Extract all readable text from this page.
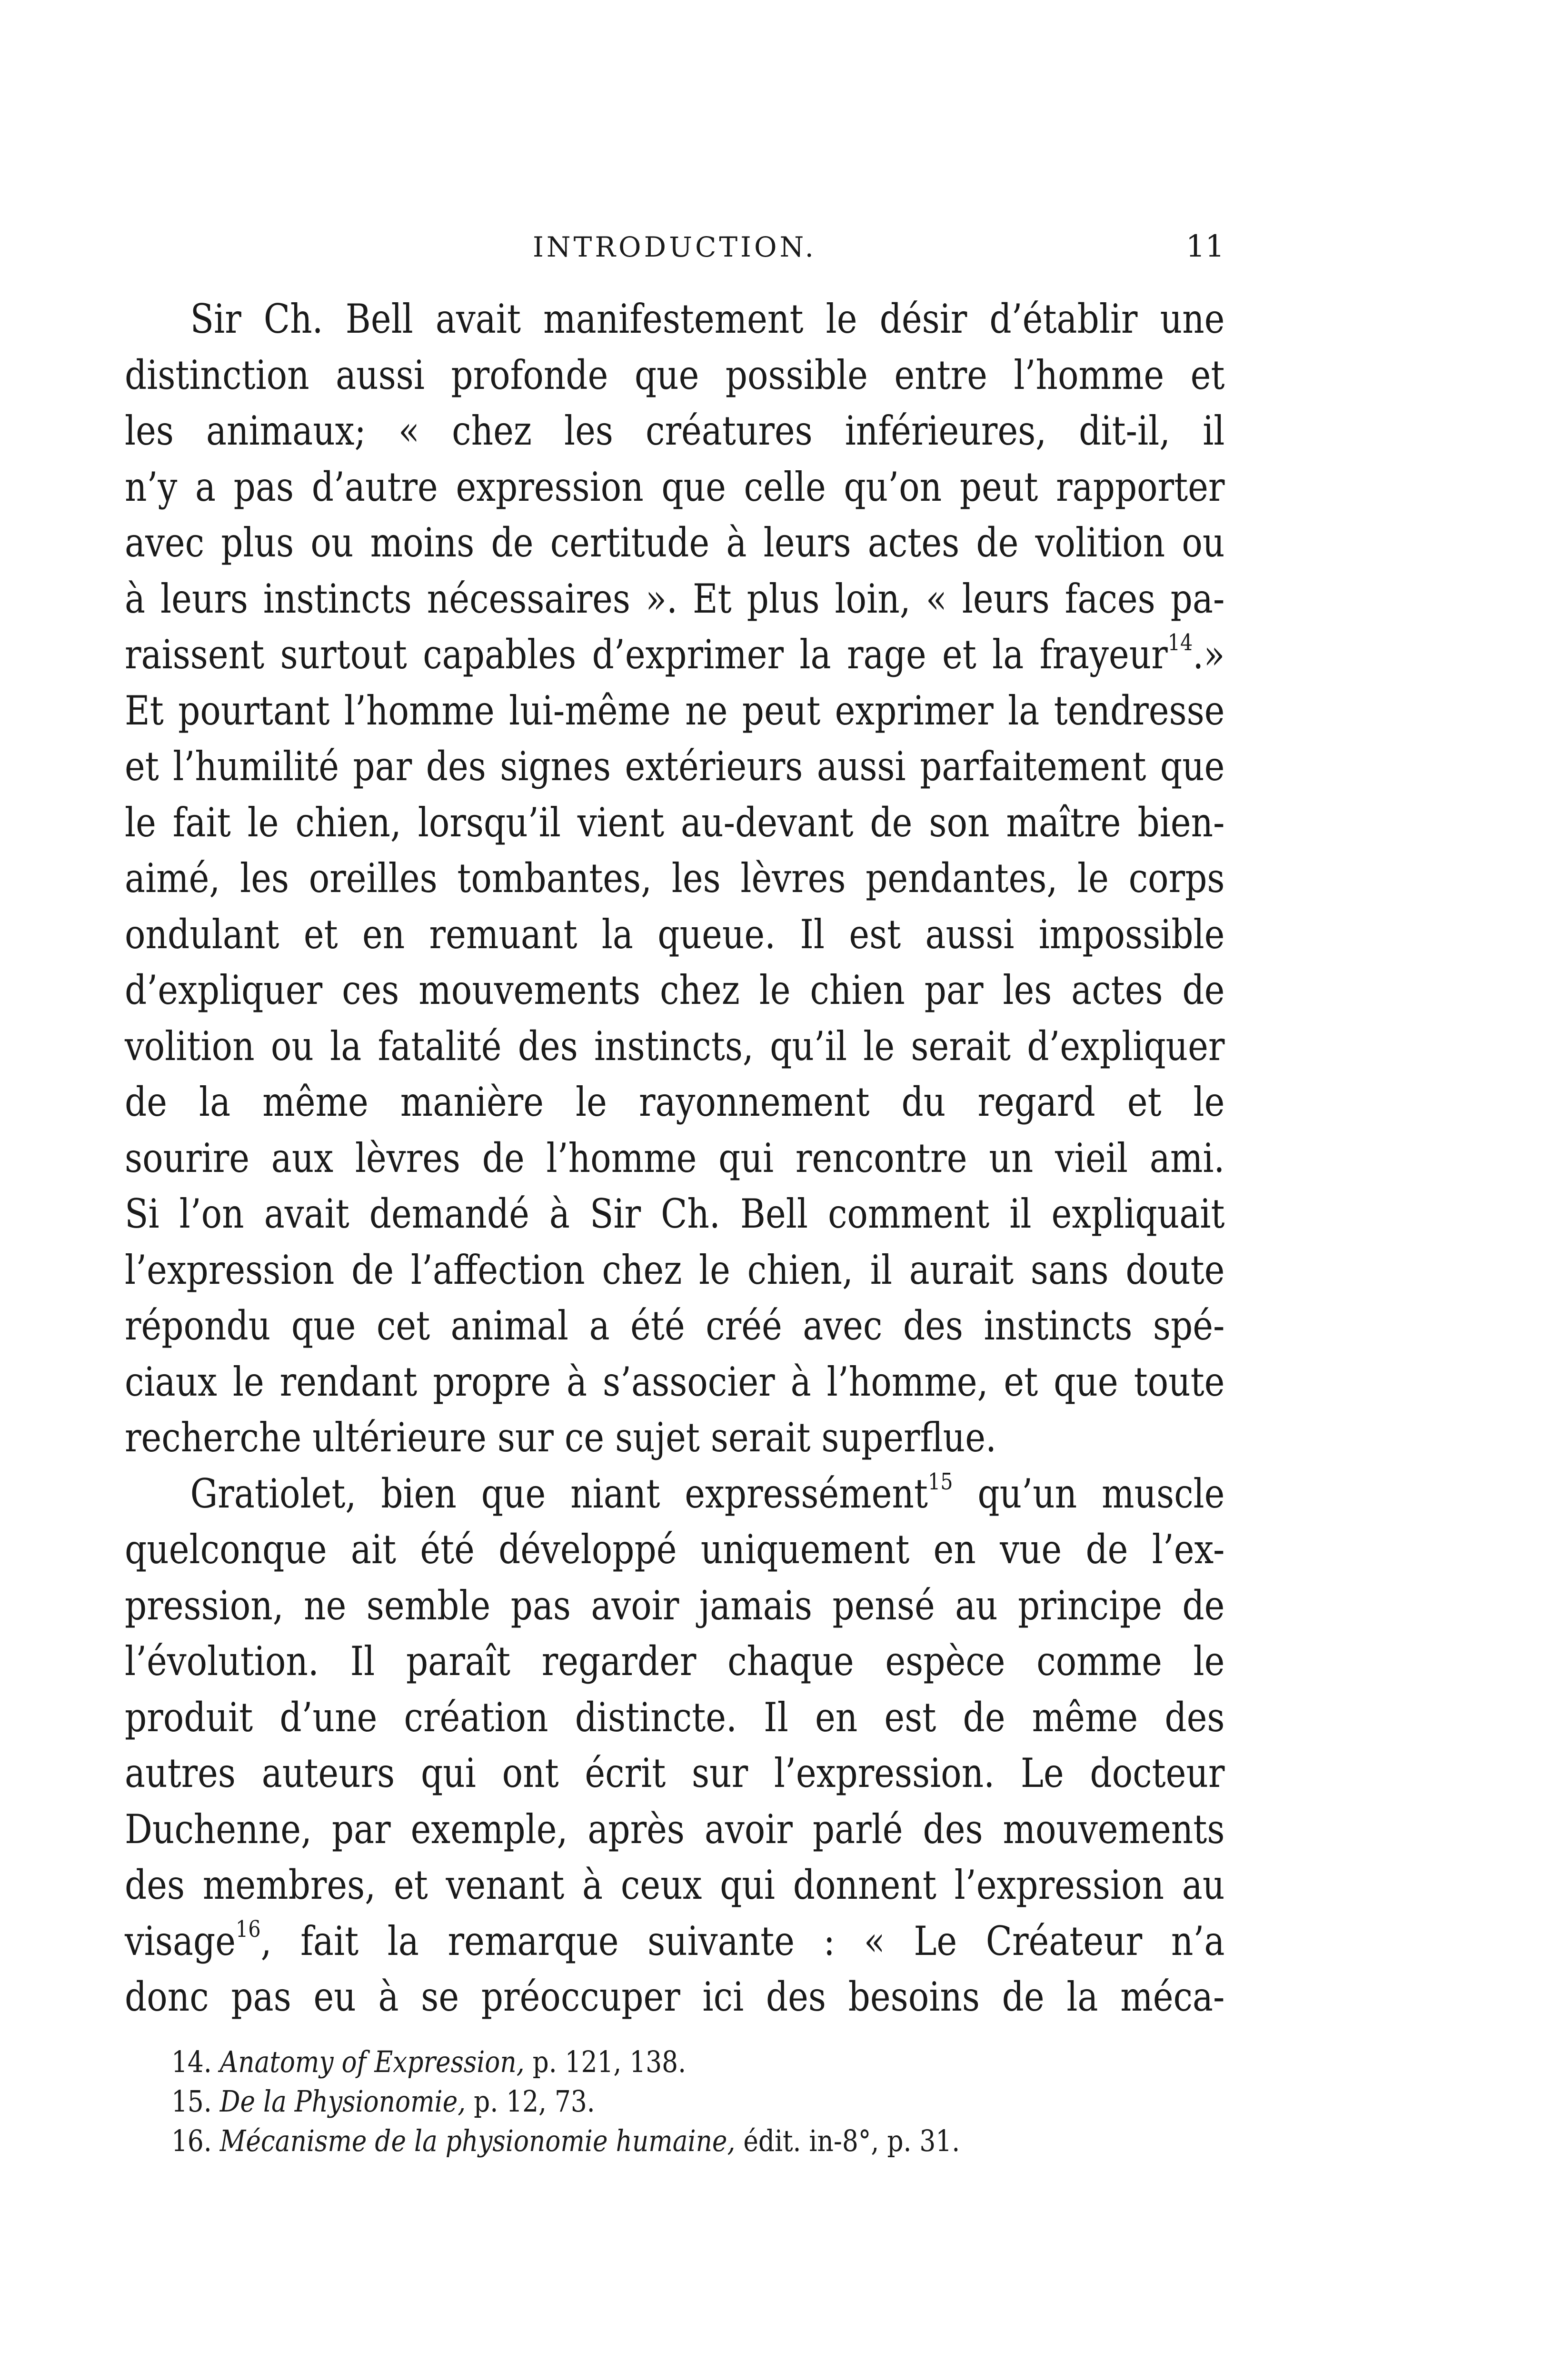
INTRODUCTION.	11
Sir Ch. Bell avait manifestement le désir d’établir une
distinction aussi profonde que possible entre l’homme et
les animaux; « chez les créatures inférieures, dit-il, il
n’y a pas d’autre expression que celle qu’on peut rapporter
avec plus ou moins de certitude à leurs actes de volition ou
à leurs instincts nécessaires ». Et plus loin, « leurs faces pa-
raissent surtout capables d’exprimer la rage et la frayeur$^{14}$.»
Et pourtant l’homme lui-même ne peut exprimer la tendresse
et l’humilité par des signes extérieurs aussi parfaitement que
le fait le chien, lorsqu’il vient au-devant de son maître bien-
aimé, les oreilles tombantes, les lèvres pendantes, le corps
ondulant et en remuant la queue. Il est aussi impossible
d’expliquer ces mouvements chez le chien par les actes de
volition ou la fatalité des instincts, qu’il le serait d’expliquer
de la même manière le rayonnement du regard et le
sourire aux lèvres de l’homme qui rencontre un vieil ami.
Si l’on avait demandé à Sir Ch. Bell comment il expliquait
l’expression de l’affection chez le chien, il aurait sans doute
répondu que cet animal a été créé avec des instincts spé-
ciaux le rendant propre à s’associer à l’homme, et que toute
recherche ultérieure sur ce sujet serait superflue.
Gratiolet, bien que niant expressément$^{15}$ qu’un muscle
quelconque ait été développé uniquement en vue de l’ex-
pression, ne semble pas avoir jamais pensé au principe de
l’évolution. Il paraît regarder chaque espèce comme le
produit d’une création distincte. Il en est de même des
autres auteurs qui ont écrit sur l’expression. Le docteur
Duchenne, par exemple, après avoir parlé des mouvements
des membres, et venant à ceux qui donnent l’expression au
visage$^{16}$, fait la remarque suivante : « Le Créateur n’a
donc pas eu à se préoccuper ici des besoins de la méca-
14. Anatomy of Expression, p. 121, 138.
15. De la Physionomie, p. 12, 73.
16. Mécanisme de la physionomie humaine, édit. in-8°, p. 31.
